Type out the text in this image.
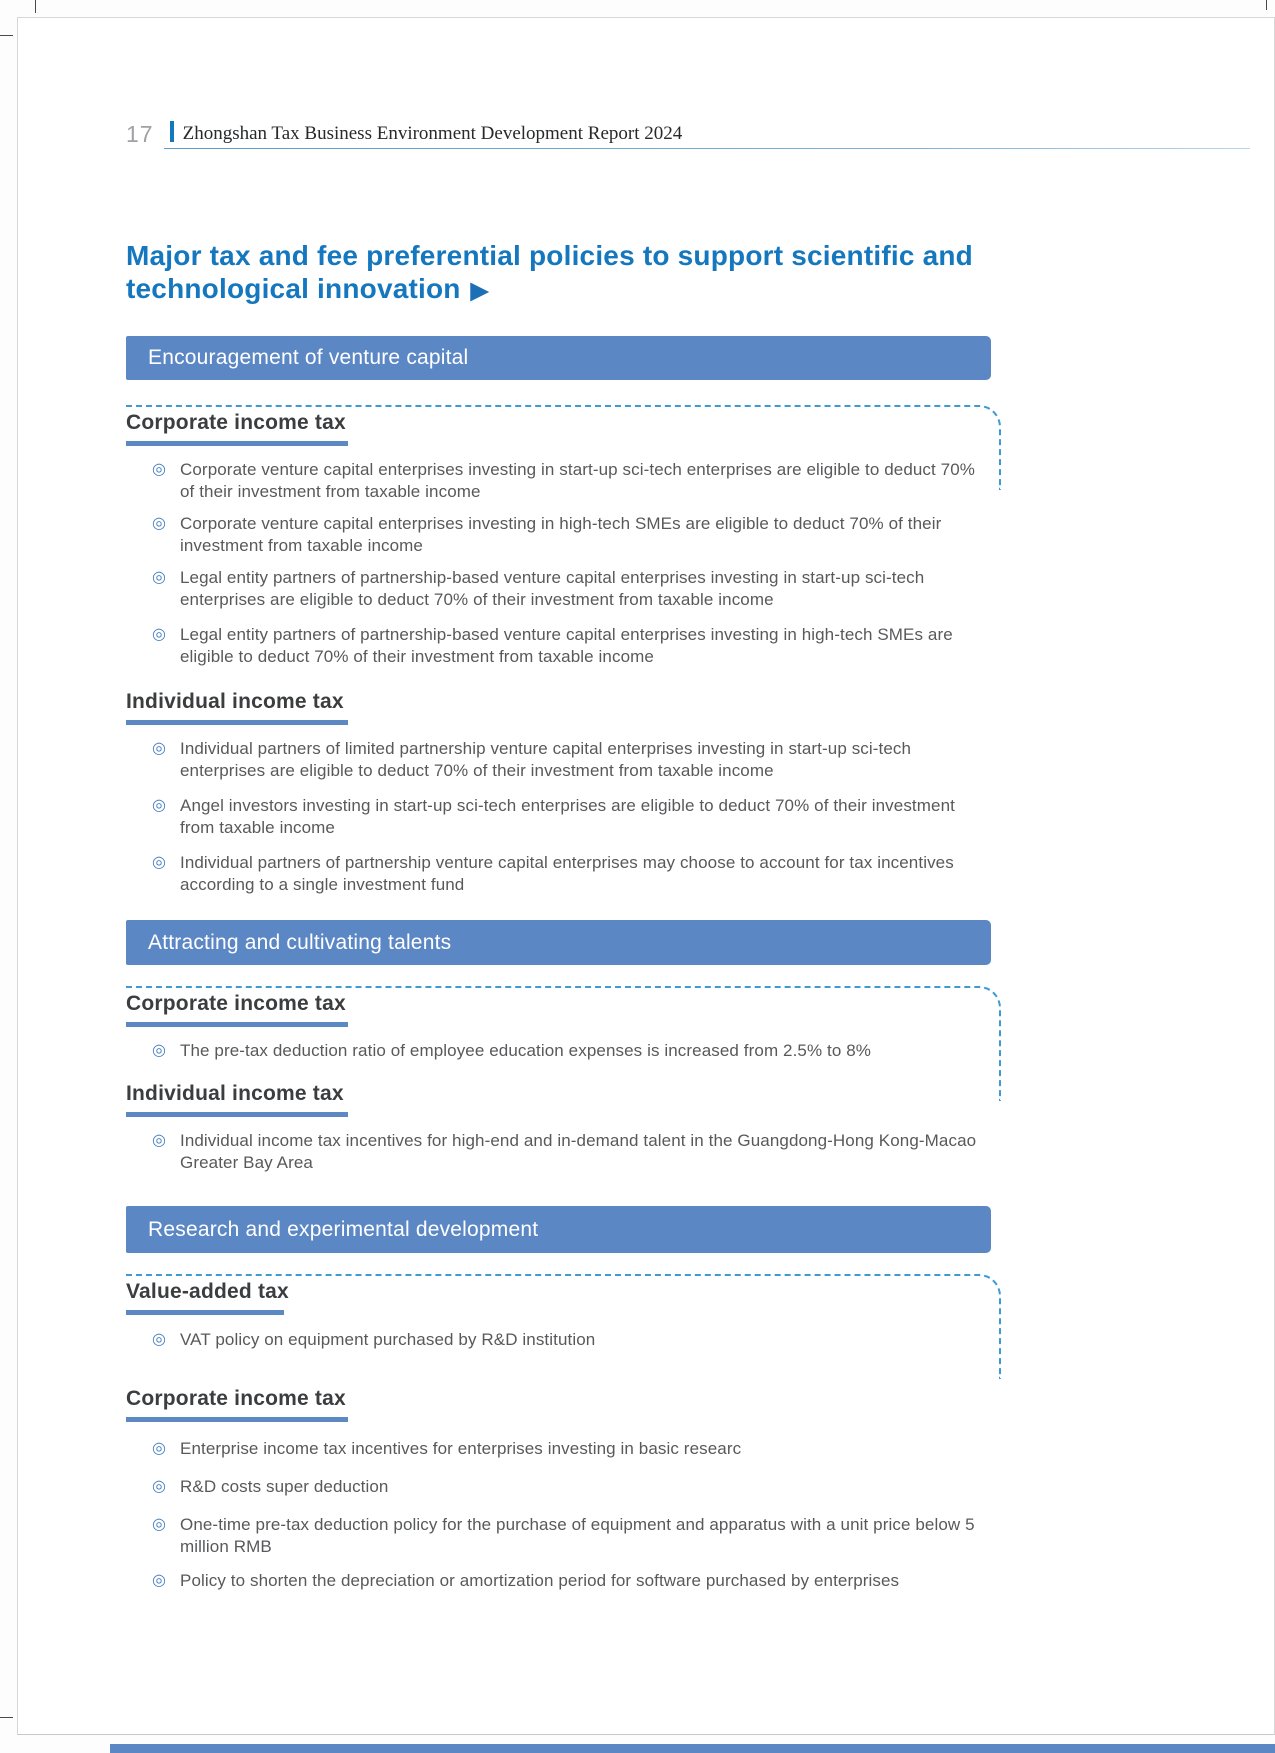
17 Zhongshan Tax Business Environment Development Report 2024
Major tax and fee preferential policies to support scientific and technological innovation ▶
Encouragement of venture capital
Corporate income tax
◎ Corporate venture capital enterprises investing in start-up sci-tech enterprises are eligible to deduct 70% of their investment from taxable income
◎ Corporate venture capital enterprises investing in high-tech SMEs are eligible to deduct 70% of their investment from taxable income
◎ Legal entity partners of partnership-based venture capital enterprises investing in start-up sci-tech enterprises are eligible to deduct 70% of their investment from taxable income
◎ Legal entity partners of partnership-based venture capital enterprises investing in high-tech SMEs are eligible to deduct 70% of their investment from taxable income
Individual income tax
◎ Individual partners of limited partnership venture capital enterprises investing in start-up sci-tech enterprises are eligible to deduct 70% of their investment from taxable income
◎ Angel investors investing in start-up sci-tech enterprises are eligible to deduct 70% of their investment from taxable income
◎ Individual partners of partnership venture capital enterprises may choose to account for tax incentives according to a single investment fund
Attracting and cultivating talents
Corporate income tax
◎ The pre-tax deduction ratio of employee education expenses is increased from 2.5% to 8%
Individual income tax
◎ Individual income tax incentives for high-end and in-demand talent in the Guangdong-Hong Kong-Macao Greater Bay Area
Research and experimental development
Value-added tax
◎ VAT policy on equipment purchased by R&D institution
Corporate income tax
◎ Enterprise income tax incentives for enterprises investing in basic researc
◎ R&D costs super deduction
◎ One-time pre-tax deduction policy for the purchase of equipment and apparatus with a unit price below 5 million RMB
◎ Policy to shorten the depreciation or amortization period for software purchased by enterprises
